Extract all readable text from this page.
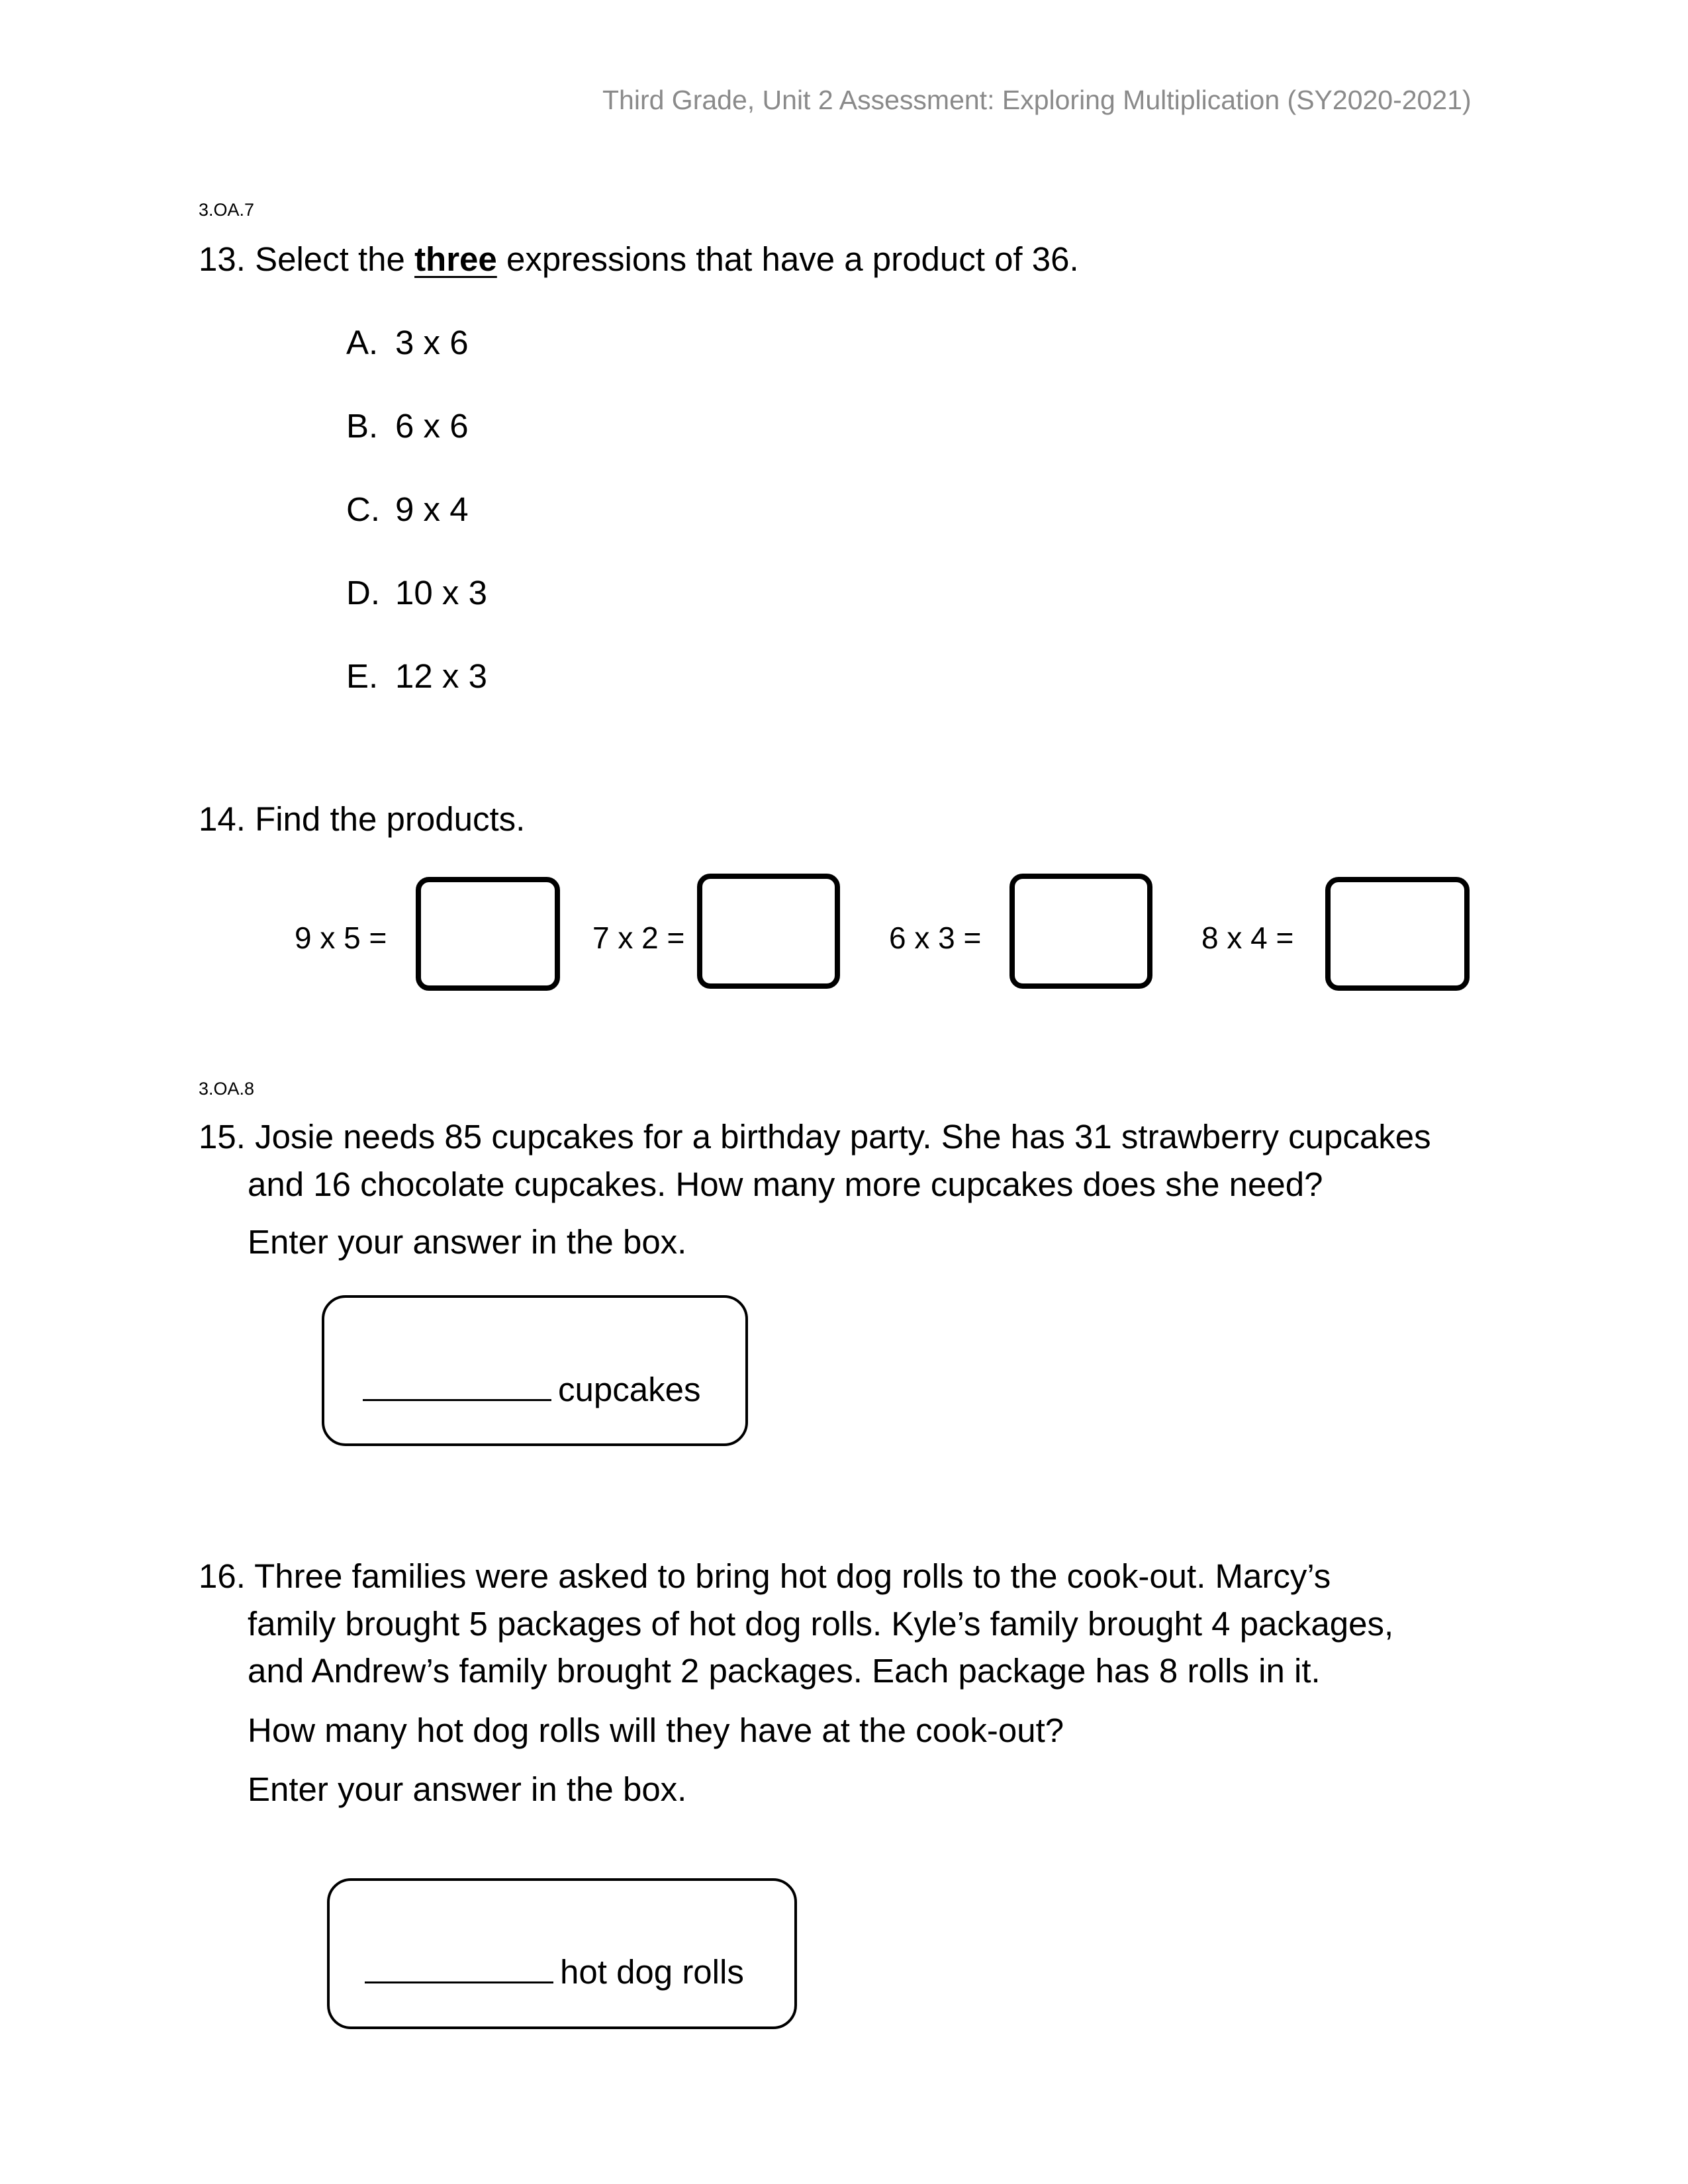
Third Grade, Unit 2 Assessment: Exploring Multiplication (SY2020-2021)
3.OA.7
13. Select the three expressions that have a product of 36.
A. 3 x 6
B. 6 x 6
C. 9 x 4
D. 10 x 3
E. 12 x 3
14. Find the products.
9 x 5 =	7 x 2 =	6 x 3 =	8 x 4 =
3.OA.8
15. Josie needs 85 cupcakes for a birthday party. She has 31 strawberry cupcakes
and 16 chocolate cupcakes. How many more cupcakes does she need?
Enter your answer in the box.
cupcakes
16. Three families were asked to bring hot dog rolls to the cook-out. Marcy’s
family brought 5 packages of hot dog rolls. Kyle’s family brought 4 packages,
and Andrew’s family brought 2 packages. Each package has 8 rolls in it.
How many hot dog rolls will they have at the cook-out?
Enter your answer in the box.
hot dog rolls
